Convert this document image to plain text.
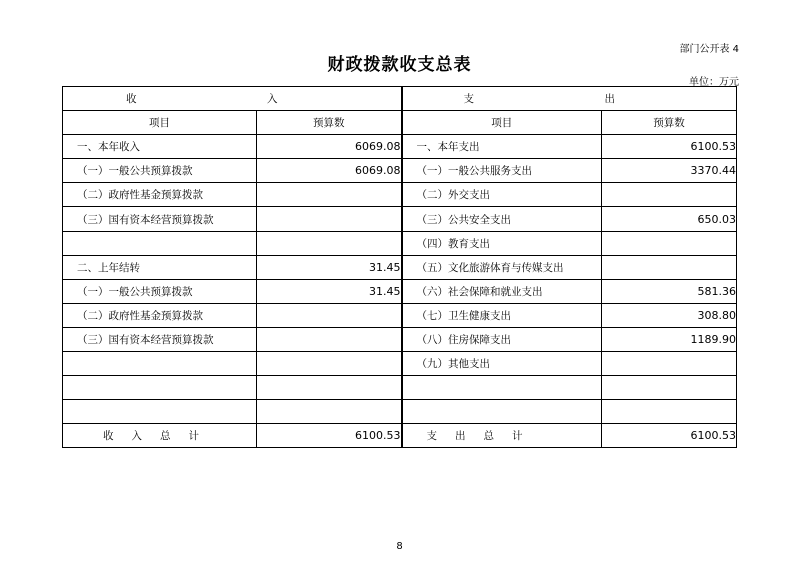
部门公开表 4
财政拨款收支总表
单位：万元
收　入		支　出	
项目	预算数	项目	预算数
一、本年收入	6069.08	一、本年支出	6100.53
（一）一般公共预算拨款	6069.08	（一）一般公共服务支出	3370.44
（二）政府性基金预算拨款		（二）外交支出	
（三）国有资本经营预算拨款		（三）公共安全支出	650.03
		（四）教育支出	
二、上年结转	31.45	（五）文化旅游体育与传媒支出	
（一）一般公共预算拨款	31.45	（六）社会保障和就业支出	581.36
（二）政府性基金预算拨款		（七）卫生健康支出	308.80
（三）国有资本经营预算拨款		（八）住房保障支出	1189.90
		（九）其他支出	

收入总计	6100.53	支出总计	6100.53
8
